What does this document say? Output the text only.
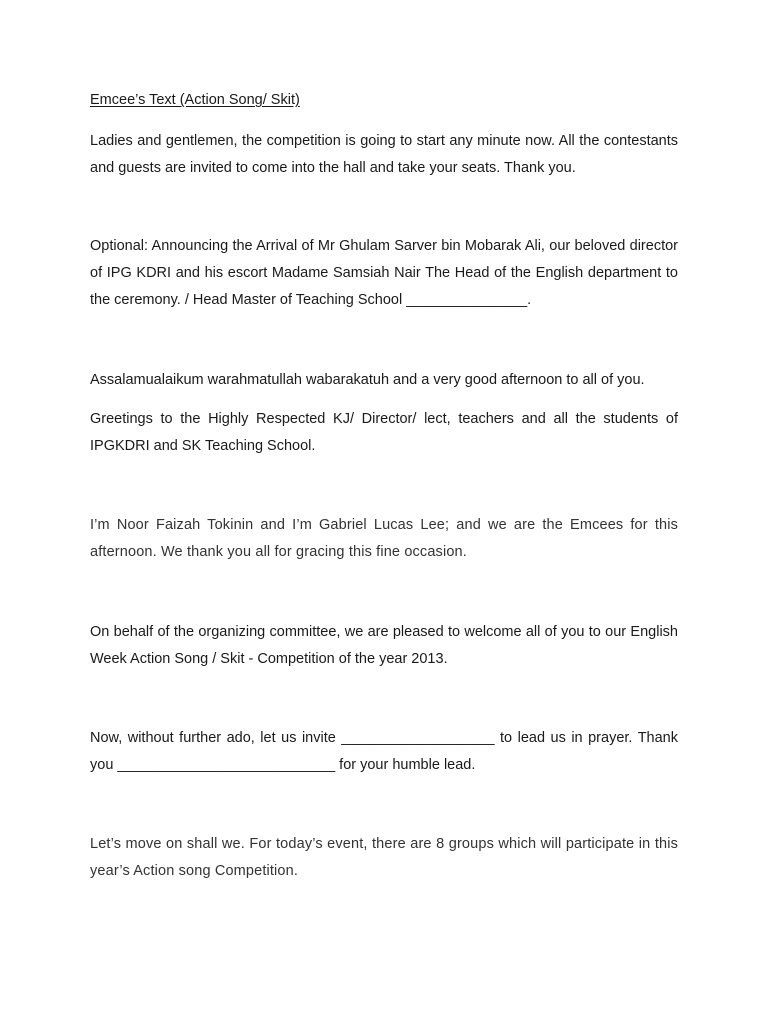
Emcee’s Text (Action Song/ Skit)

Ladies and gentlemen, the competition is going to start any minute now. All the contestants and guests are invited to come into the hall and take your seats. Thank you.

Optional: Announcing the Arrival of Mr Ghulam Sarver bin Mobarak Ali, our beloved director of IPG KDRI and his escort Madame Samsiah Nair The Head of the English department to the ceremony. / Head Master of Teaching School _______________.

Assalamualaikum warahmatullah wabarakatuh and a very good afternoon to all of you.

Greetings to the Highly Respected KJ/ Director/ lect, teachers and all the students of IPGKDRI and SK Teaching School.

I’m Noor Faizah Tokinin and I’m Gabriel Lucas Lee; and we are the Emcees for this afternoon. We thank you all for gracing this fine occasion.

On behalf of the organizing committee, we are pleased to welcome all of you to our English Week Action Song / Skit - Competition of the year 2013.

Now, without further ado, let us invite ___________________ to lead us in prayer. Thank you ___________________________ for your humble lead.

Let’s move on shall we. For today’s event, there are 8 groups which will participate in this year’s Action song Competition.
